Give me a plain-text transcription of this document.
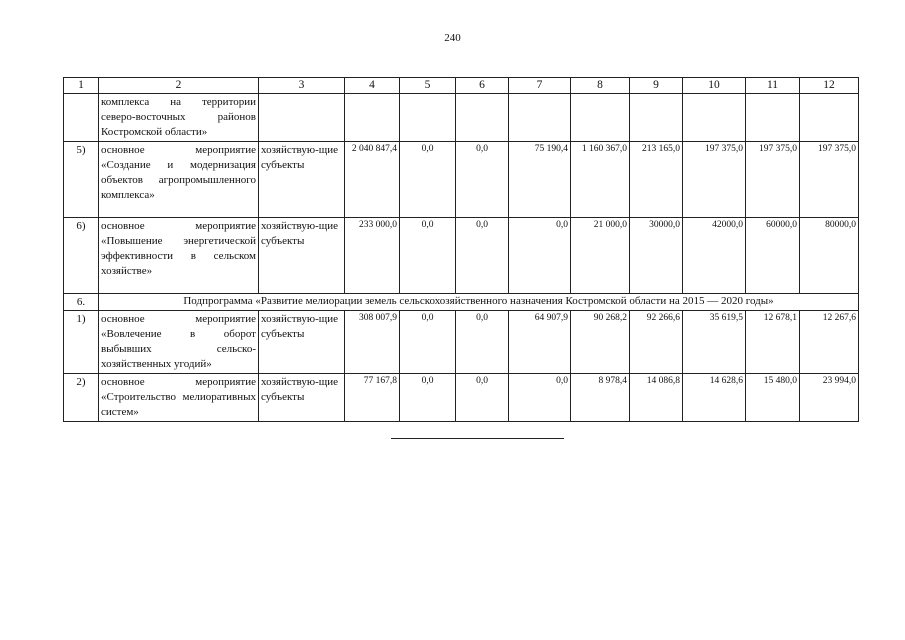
240
1	2	3	4	5	6	7	8	9	10	11	12
	комплекса на территории северо-восточных районов Костромской области»										
5)	основное мероприятие «Создание и модернизация объектов агропромышленного комплекса»	хозяйствую-щие субъекты	2 040 847,4	0,0	0,0	75 190,4	1 160 367,0	213 165,0	197 375,0	197 375,0	197 375,0
6)	основное мероприятие «Повышение энергетической эффективности в сельском хозяйстве»	хозяйствую-щие субъекты	233 000,0	0,0	0,0	0,0	21 000,0	30000,0	42000,0	60000,0	80000,0
6.	Подпрограмма «Развитие мелиорации земель сельскохозяйственного назначения Костромской области на 2015 — 2020 годы»										
1)	основное мероприятие «Вовлечение в оборот выбывших сельско-хозяйственных угодий»	хозяйствую-щие субъекты	308 007,9	0,0	0,0	64 907,9	90 268,2	92 266,6	35 619,5	12 678,1	12 267,6
2)	основное мероприятие «Строительство мелиоративных систем»	хозяйствую-щие субъекты	77 167,8	0,0	0,0	0,0	8 978,4	14 086,8	14 628,6	15 480,0	23 994,0
